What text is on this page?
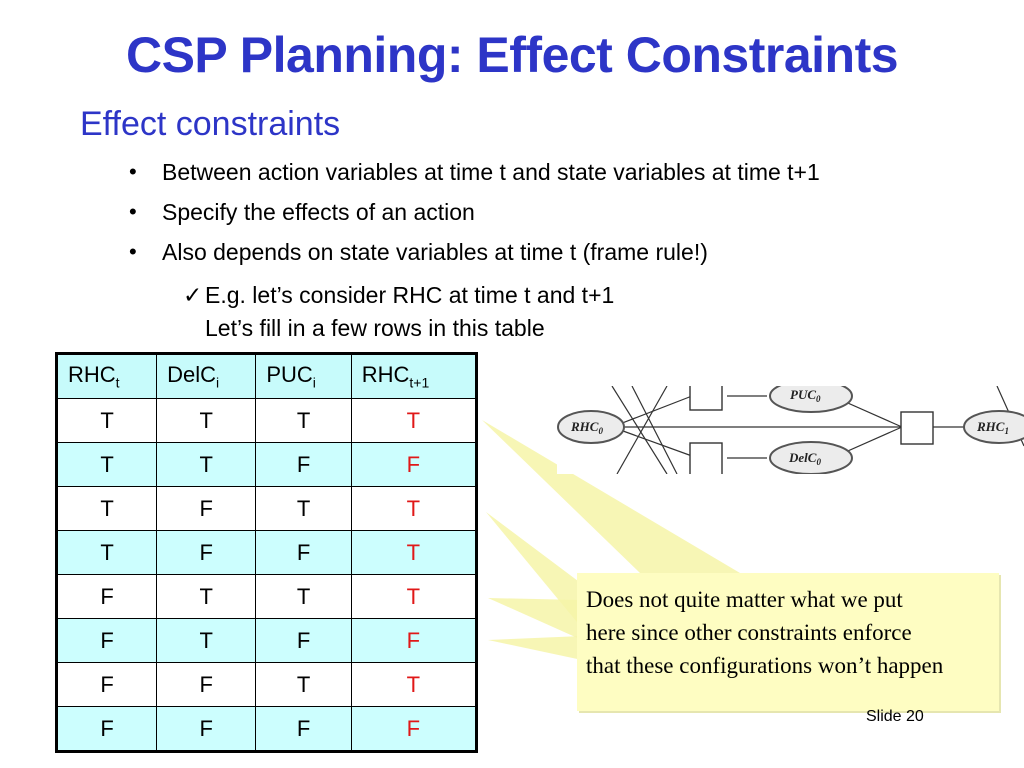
CSP Planning: Effect Constraints
Effect constraints
• Between action variables at time t and state variables at time t+1
• Specify the effects of an action
• Also depends on state variables at time t (frame rule!)
✓ E.g. let’s consider RHC at time t and t+1
Let’s fill in a few rows in this table
$RHC_t$	DelC$_i$	$PUC_i$	$RHC_{t+1}$
T	T	T	T
T	T	F	F
T	F	T	T
T	F	F	T
F	T	T	T
F	T	F	F
F	F	T	T
F	F	F	F
$RHC_0$
$PUC_0$
DelC$_0$
$RHC_1$
Does not quite matter what we put
here since other constraints enforce
that these configurations won’t happen
Slide 20
